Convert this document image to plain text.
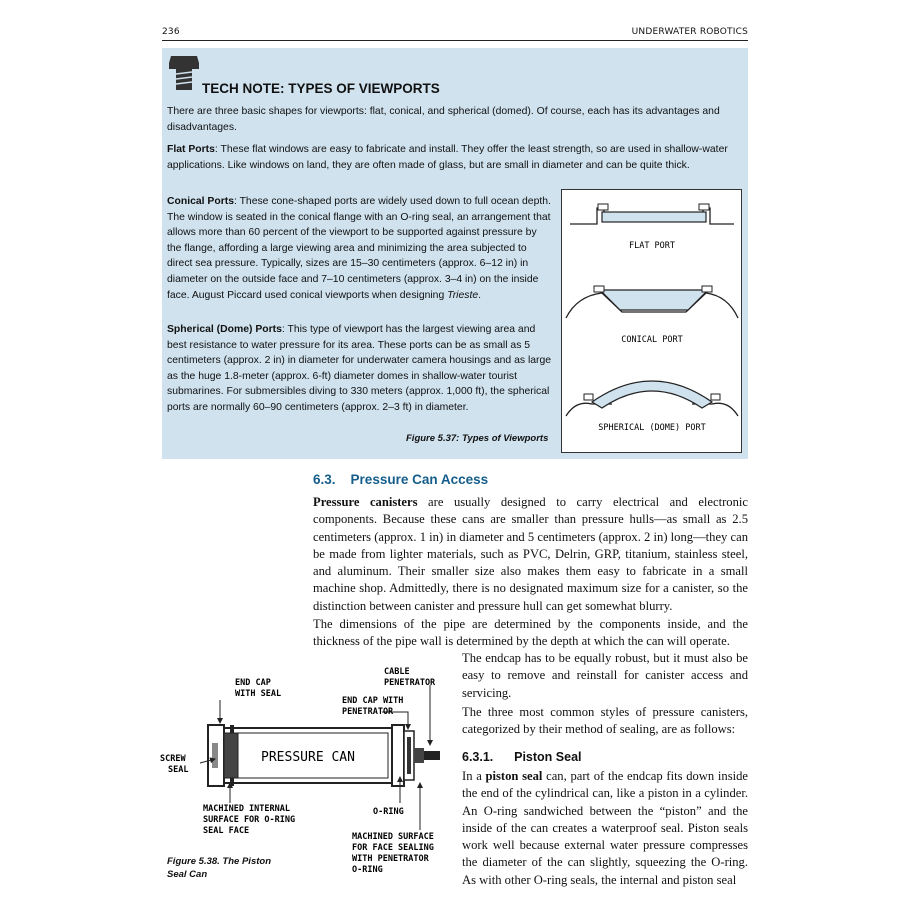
236	UNDERWATER ROBOTICS
TECH NOTE: TYPES OF VIEWPORTS

There are three basic shapes for viewports: flat, conical, and spherical (domed). Of course, each has its advantages and disadvantages.

Flat Ports: These flat windows are easy to fabricate and install. They offer the least strength, so are used in shallow-water applications. Like windows on land, they are often made of glass, but are small in diameter and can be quite thick.

Conical Ports: These cone-shaped ports are widely used down to full ocean depth. The window is seated in the conical flange with an O-ring seal, an arrangement that allows more than 60 percent of the viewport to be supported against pressure by the flange, affording a large viewing area and minimizing the area subjected to direct sea pressure. Typically, sizes are 15–30 centimeters (approx. 6–12 in) in diameter on the outside face and 7–10 centimeters (approx. 3–4 in) on the inside face. August Piccard used conical viewports when designing Trieste.

Spherical (Dome) Ports: This type of viewport has the largest viewing area and best resistance to water pressure for its area. These ports can be as small as 5 centimeters (approx. 2 in) in diameter for underwater camera housings and as large as the huge 1.8-meter (approx. 6-ft) diameter domes in shallow-water tourist submarines. For submersibles diving to 330 meters (approx. 1,000 ft), the spherical ports are normally 60–90 centimeters (approx. 2–3 ft) in diameter.

FLAT PORT
CONICAL PORT
SPHERICAL (DOME) PORT
Figure 5.37: Types of Viewports
6.3. Pressure Can Access

Pressure canisters are usually designed to carry electrical and electronic components. Because these cans are smaller than pressure hulls—as small as 2.5 centimeters (approx. 1 in) in diameter and 5 centimeters (approx. 2 in) long—they can be made from lighter materials, such as PVC, Delrin, GRP, titanium, stainless steel, and aluminum. Their smaller size also makes them easy to fabricate in a small machine shop. Admittedly, there is no designated maximum size for a canister, so the distinction between canister and pressure hull can get somewhat blurry.

The dimensions of the pipe are determined by the components inside, and the thickness of the pipe wall is determined by the depth at which the can will operate.

The endcap has to be equally robust, but it must also be easy to remove and reinstall for canister access and servicing.

The three most common styles of pressure canisters, categorized by their method of sealing, are as follows:

6.3.1. Piston Seal

In a piston seal can, part of the endcap fits down inside the end of the cylindrical can, like a piston in a cylinder. An O-ring sandwiched between the “piston” and the inside of the can creates a waterproof seal. Piston seals work well because external water pressure compresses the diameter of the can slightly, squeezing the O-ring. As with other O-ring seals, the internal and piston seal

PRESSURE CAN
END CAP
WITH SEAL
CABLE
PENETRATOR
END CAP WITH
PENETRATOR
SCREW
SEAL
MACHINED INTERNAL
SURFACE FOR O-RING
SEAL FACE
O-RING
MACHINED SURFACE
FOR FACE SEALING
WITH PENETRATOR
O-RING
Figure 5.38. The Piston
Seal Can
